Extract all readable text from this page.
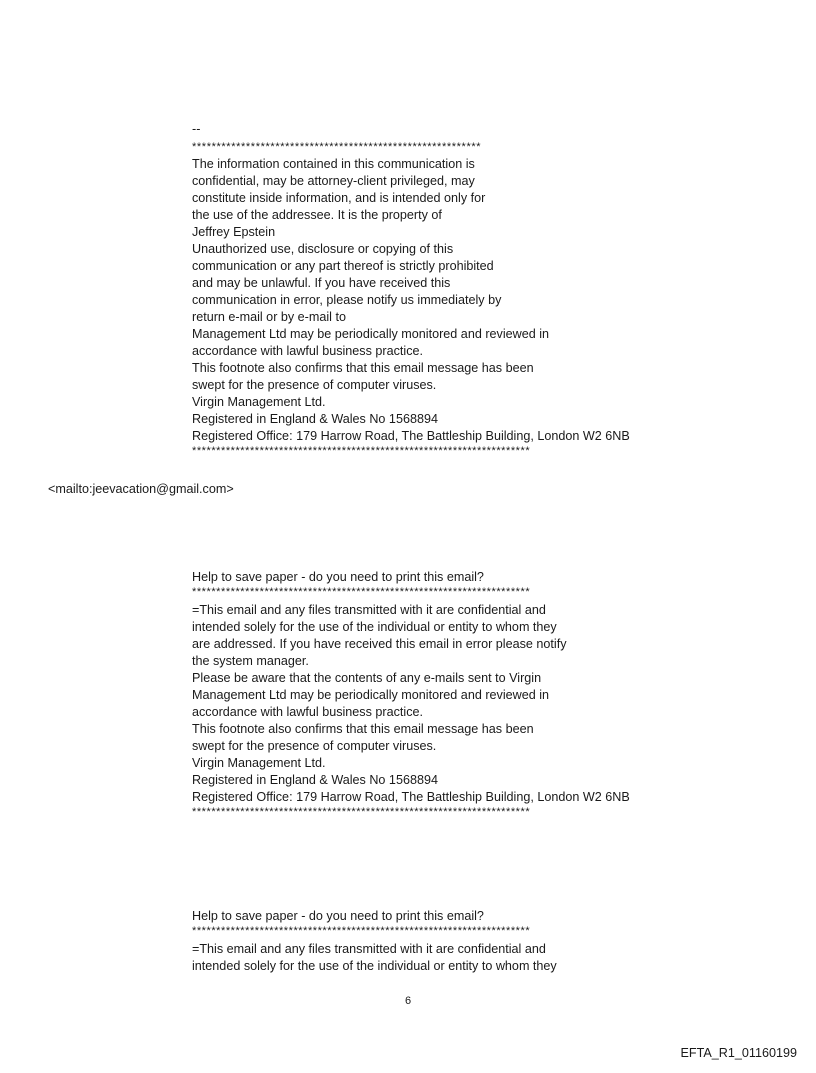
--
***********************************************************
The information contained in this communication is
confidential, may be attorney-client privileged, may
constitute inside information, and is intended only for
the use of the addressee. It is the property of
Jeffrey Epstein
Unauthorized use, disclosure or copying of this
communication or any part thereof is strictly prohibited
and may be unlawful. If you have received this
communication in error, please notify us immediately by
return e-mail or by e-mail to
Management Ltd may be periodically monitored and reviewed in
accordance with lawful business practice.
This footnote also confirms that this email message has been
swept for the presence of computer viruses.
Virgin Management Ltd.
Registered in England & Wales No 1568894
Registered Office: 179 Harrow Road, The Battleship Building, London W2 6NB
**********************************************************************
<mailto:jeevacation@gmail.com>
Help to save paper - do you need to print this email?
**********************************************************************
=This email and any files transmitted with it are confidential and
intended solely for the use of the individual or entity to whom they
are addressed. If you have received this email in error please notify
the system manager.
Please be aware that the contents of any e-mails sent to Virgin
Management Ltd may be periodically monitored and reviewed in
accordance with lawful business practice.
This footnote also confirms that this email message has been
swept for the presence of computer viruses.
Virgin Management Ltd.
Registered in England & Wales No 1568894
Registered Office: 179 Harrow Road, The Battleship Building, London W2 6NB
**********************************************************************
Help to save paper - do you need to print this email?
**********************************************************************
=This email and any files transmitted with it are confidential and
intended solely for the use of the individual or entity to whom they
6
EFTA_R1_01160199
